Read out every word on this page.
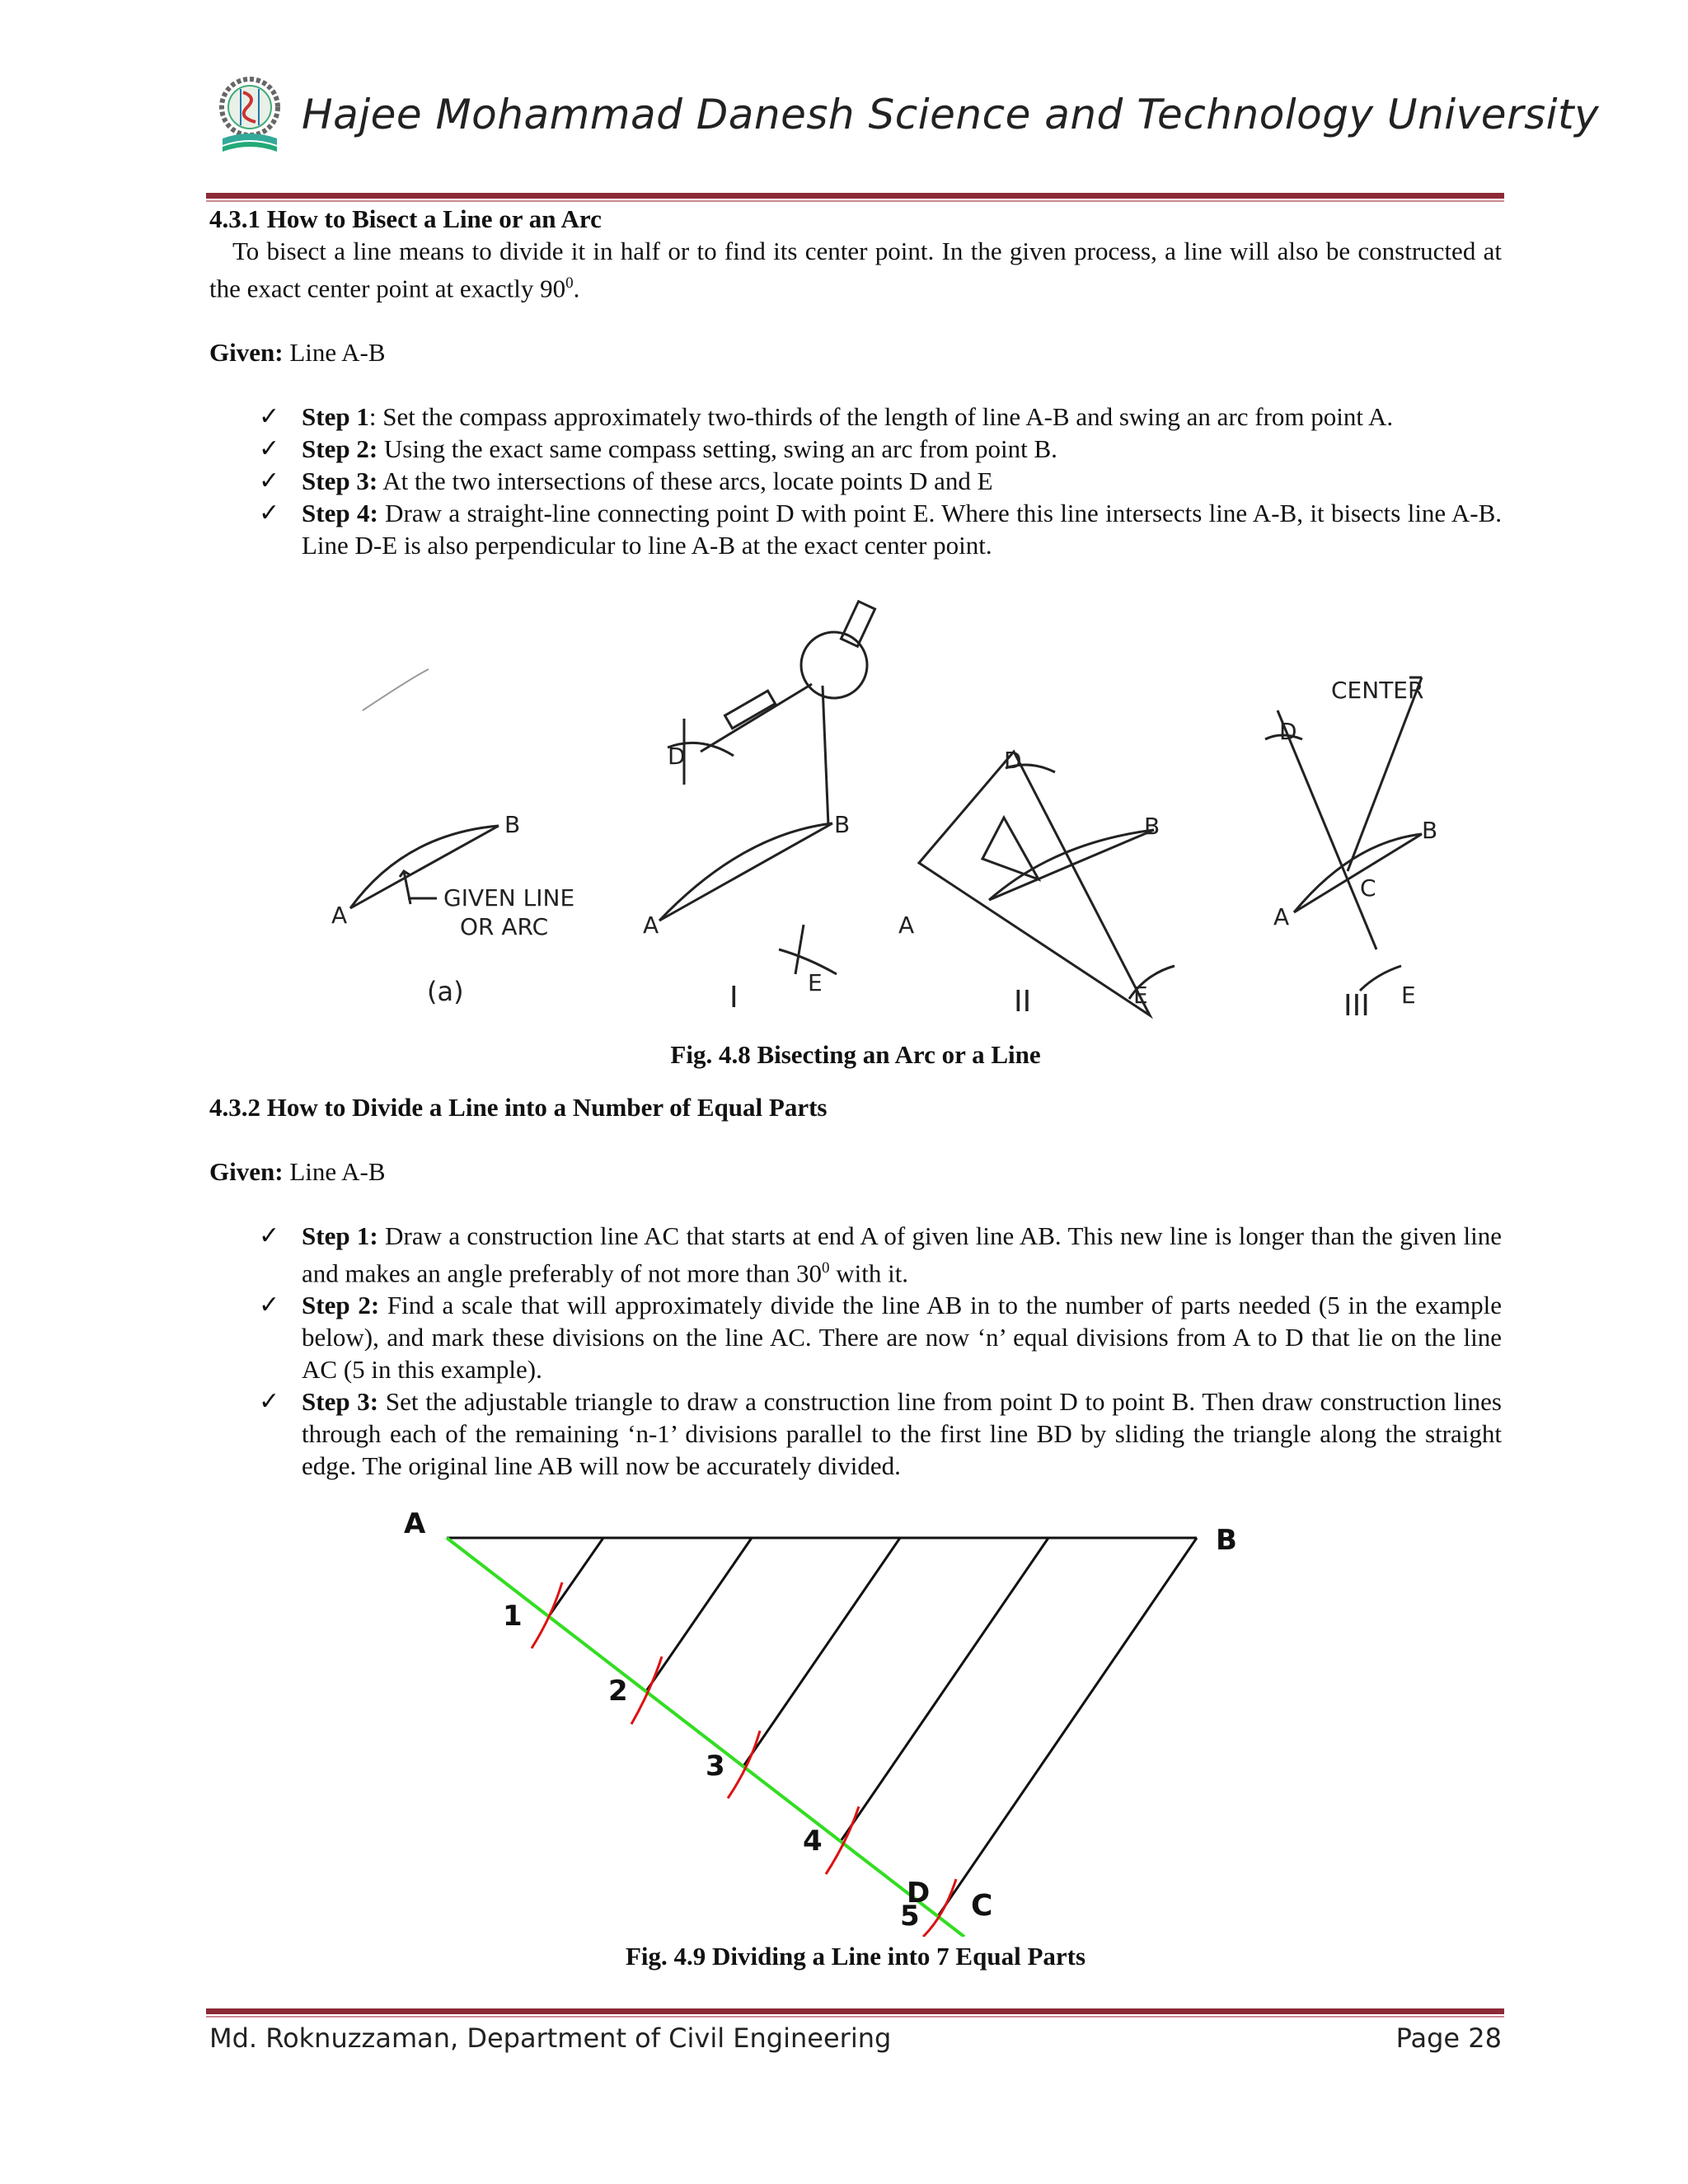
Hajee Mohammad Danesh Science and Technology University
4.3.1 How to Bisect a Line or an Arc

To bisect a line means to divide it in half or to find its center point. In the given process, a line will also be constructed at the exact center point at exactly $90^0$.

Given: Line A-B

✓ Step 1: Set the compass approximately two-thirds of the length of line A-B and swing an arc from point A.
✓ Step 2: Using the exact same compass setting, swing an arc from point B.
✓ Step 3: At the two intersections of these arcs, locate points D and E
✓ Step 4: Draw a straight-line connecting point D with point E. Where this line intersects line A-B, it bisects line A-B. Line D-E is also perpendicular to line A-B at the exact center point.
A
B
GIVEN LINE
OR ARC
(a)
A
B
D
E
I
A
B
D
E
II
CENTER
A
B
C
D
E
III
Fig. 4.8 Bisecting an Arc or a Line
4.3.2 How to Divide a Line into a Number of Equal Parts

Given: Line A-B

✓ Step 1: Draw a construction line AC that starts at end A of given line AB. This new line is longer than the given line and makes an angle preferably of not more than $30^0$ with it.
✓ Step 2: Find a scale that will approximately divide the line AB in to the number of parts needed (5 in the example below), and mark these divisions on the line AC. There are now ‘n’ equal divisions from A to D that lie on the line AC (5 in this example).
✓ Step 3: Set the adjustable triangle to draw a construction line from point D to point B. Then draw construction lines through each of the remaining ‘n-1’ divisions parallel to the first line BD by sliding the triangle along the straight edge. The original line AB will now be accurately divided.
A	B
1
2
3
4
D
5 C
Fig. 4.9 Dividing a Line into 7 Equal Parts
Md. Roknuzzaman, Department of Civil Engineering	Page 28
